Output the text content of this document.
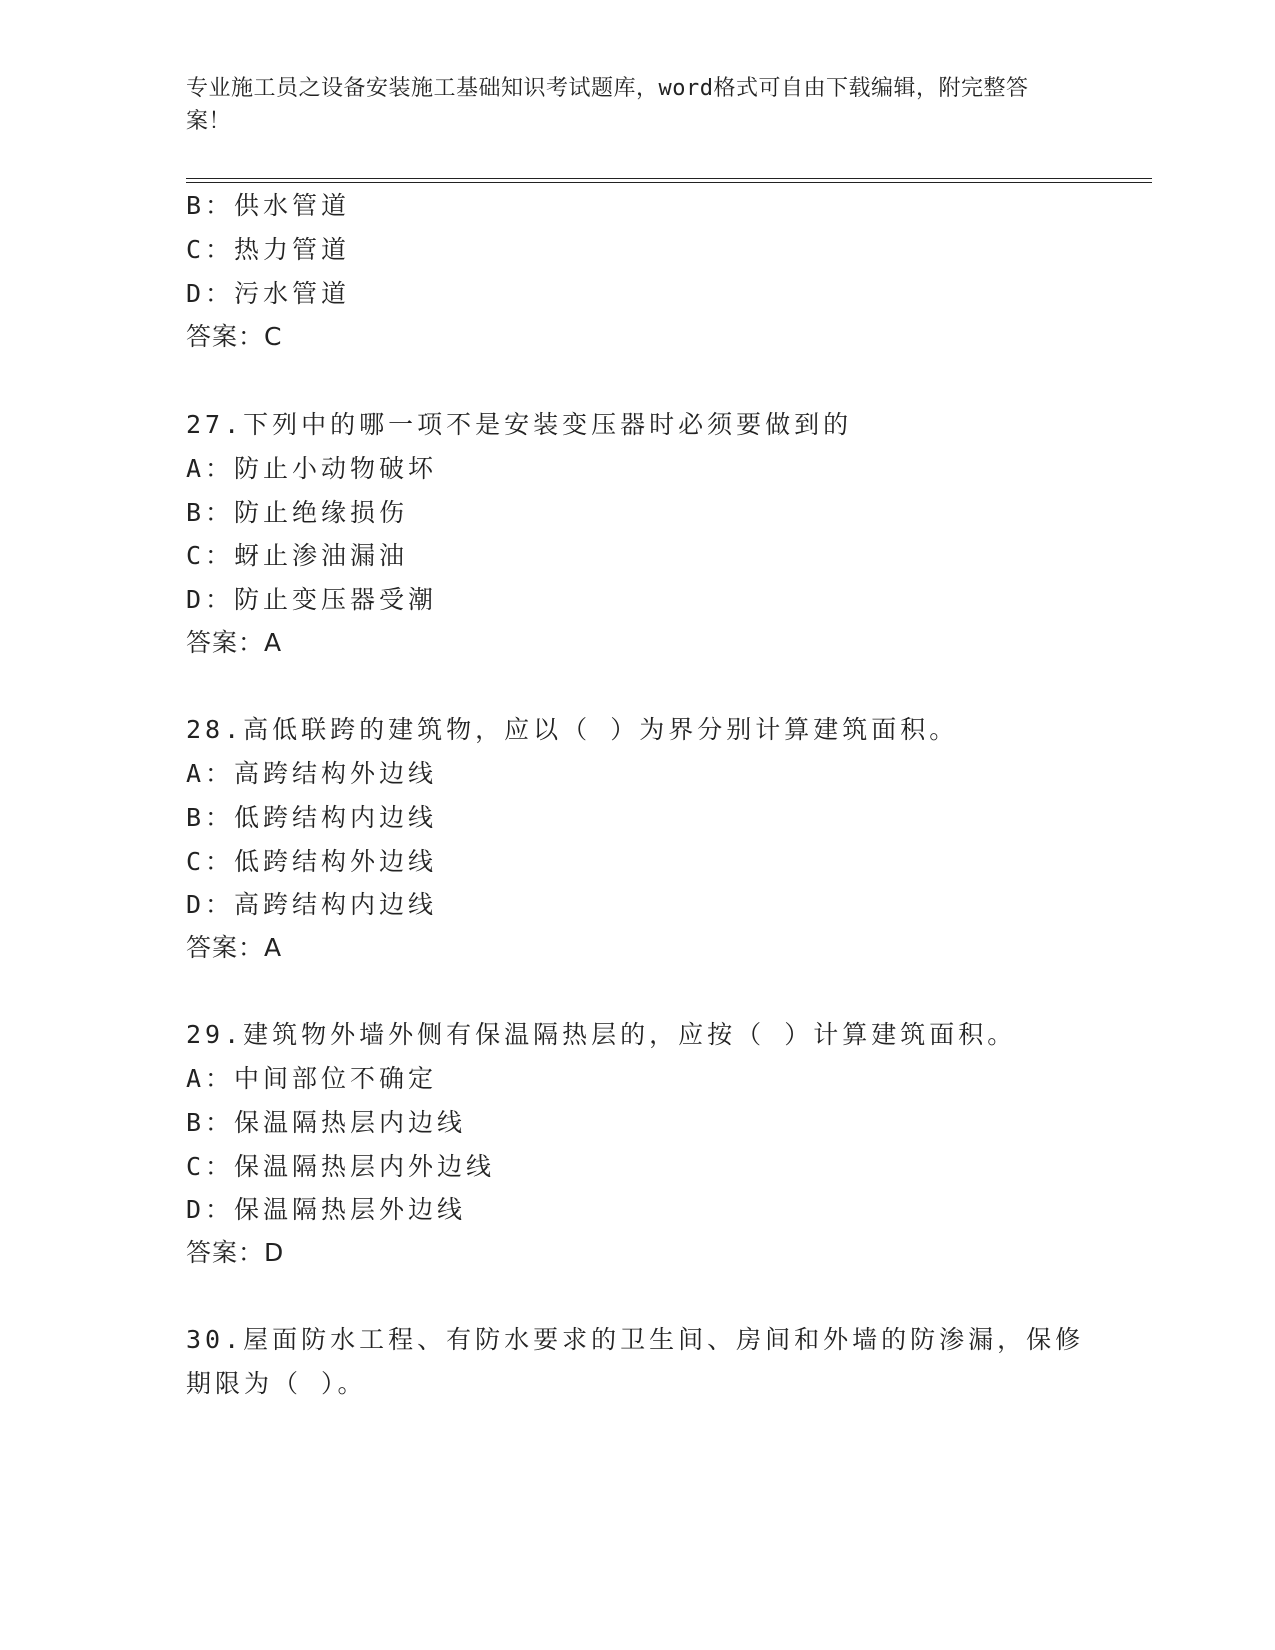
专业施工员之设备安装施工基础知识考试题库，word格式可自由下载编辑，附完整答案！
B：供水管道
C：热力管道
D：污水管道
答案：C
27.下列中的哪一项不是安装变压器时必须要做到的
A：防止小动物破坏
B：防止绝缘损伤
C：蚜止渗油漏油
D：防止变压器受潮
答案：A
28.高低联跨的建筑物，应以（ ）为界分别计算建筑面积。
A：高跨结构外边线
B：低跨结构内边线
C：低跨结构外边线
D：高跨结构内边线
答案：A
29.建筑物外墙外侧有保温隔热层的，应按（ ）计算建筑面积。
A：中间部位不确定
B：保温隔热层内边线
C：保温隔热层内外边线
D：保温隔热层外边线
答案：D
30.屋面防水工程、有防水要求的卫生间、房间和外墙的防渗漏，保修
期限为（ ）。
